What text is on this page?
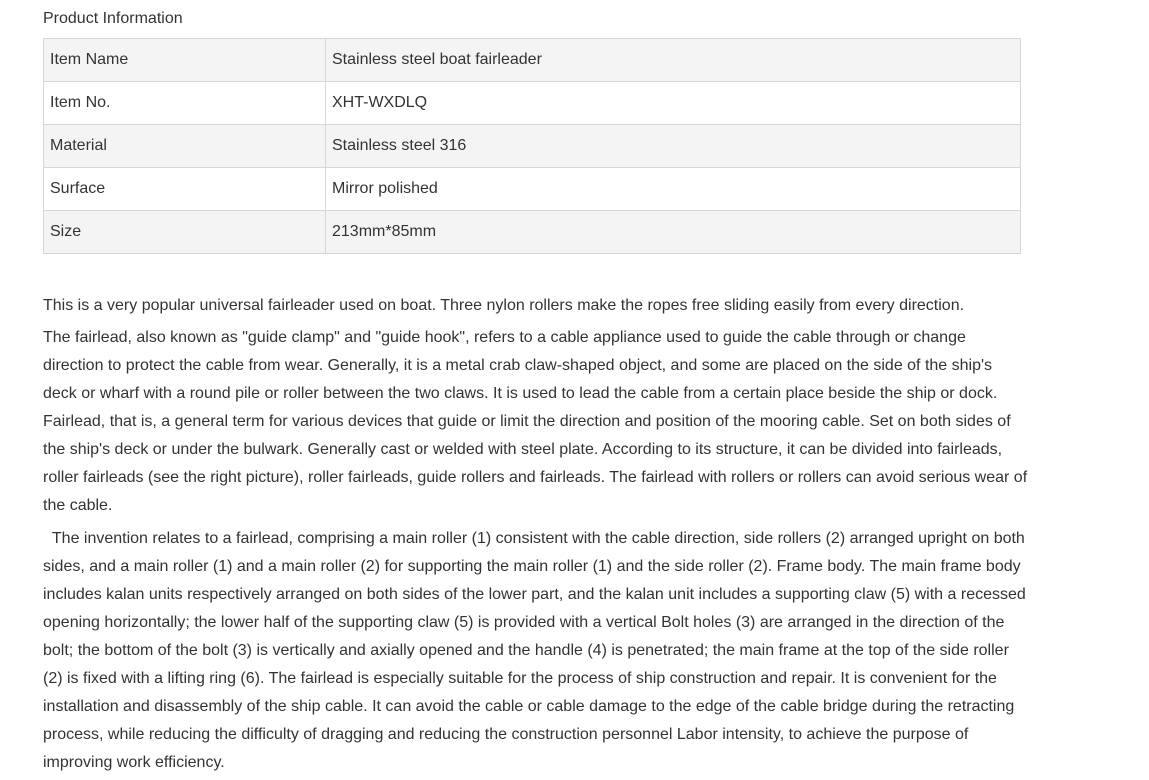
Product Information
Item Name	Stainless steel boat fairleader
Item No.	XHT-WXDLQ
Material	Stainless steel 316
Surface	Mirror polished
Size	213mm*85mm

This is a very popular universal fairleader used on boat. Three nylon rollers make the ropes free sliding easily from every direction.

The fairlead, also known as "guide clamp" and "guide hook", refers to a cable appliance used to guide the cable through or change direction to protect the cable from wear. Generally, it is a metal crab claw-shaped object, and some are placed on the side of the ship's deck or wharf with a round pile or roller between the two claws. It is used to lead the cable from a certain place beside the ship or dock. Fairlead, that is, a general term for various devices that guide or limit the direction and position of the mooring cable. Set on both sides of the ship's deck or under the bulwark. Generally cast or welded with steel plate. According to its structure, it can be divided into fairleads, roller fairleads (see the right picture), roller fairleads, guide rollers and fairleads. The fairlead with rollers or rollers can avoid serious wear of the cable.

The invention relates to a fairlead, comprising a main roller (1) consistent with the cable direction, side rollers (2) arranged upright on both sides, and a main roller (1) and a main roller (2) for supporting the main roller (1) and the side roller (2). Frame body. The main frame body includes kalan units respectively arranged on both sides of the lower part, and the kalan unit includes a supporting claw (5) with a recessed opening horizontally; the lower half of the supporting claw (5) is provided with a vertical Bolt holes (3) are arranged in the direction of the bolt; the bottom of the bolt (3) is vertically and axially opened and the handle (4) is penetrated; the main frame at the top of the side roller (2) is fixed with a lifting ring (6). The fairlead is especially suitable for the process of ship construction and repair. It is convenient for the installation and disassembly of the ship cable. It can avoid the cable or cable damage to the edge of the cable bridge during the retracting process, while reducing the difficulty of dragging and reducing the construction personnel Labor intensity, to achieve the purpose of improving work efficiency.
